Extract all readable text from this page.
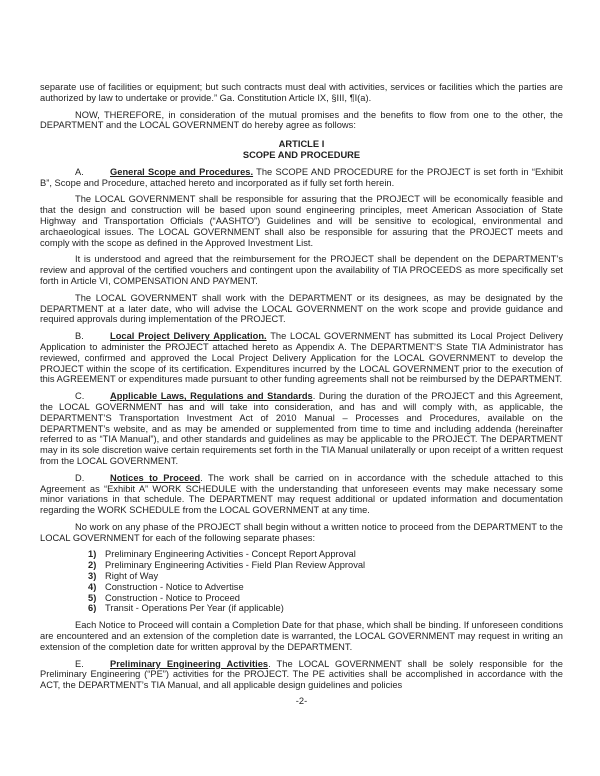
separate use of facilities or equipment; but such contracts must deal with activities, services or facilities which the parties are authorized by law to undertake or provide.” Ga. Constitution Article IX, §III, ¶I(a).

NOW, THEREFORE, in consideration of the mutual promises and the benefits to flow from one to the other, the DEPARTMENT and the LOCAL GOVERNMENT do hereby agree as follows:

ARTICLE I
SCOPE AND PROCEDURE

A.	General Scope and Procedures. The SCOPE AND PROCEDURE for the PROJECT is set forth in “Exhibit B”, Scope and Procedure, attached hereto and incorporated as if fully set forth herein.

The LOCAL GOVERNMENT shall be responsible for assuring that the PROJECT will be economically feasible and that the design and construction will be based upon sound engineering principles, meet American Association of State Highway and Transportation Officials (“AASHTO”) Guidelines and will be sensitive to ecological, environmental and archaeological issues. The LOCAL GOVERNMENT shall also be responsible for assuring that the PROJECT meets and comply with the scope as defined in the Approved Investment List.

It is understood and agreed that the reimbursement for the PROJECT shall be dependent on the DEPARTMENT’s review and approval of the certified vouchers and contingent upon the availability of TIA PROCEEDS as more specifically set forth in Article VI, COMPENSATION AND PAYMENT.

The LOCAL GOVERNMENT shall work with the DEPARTMENT or its designees, as may be designated by the DEPARTMENT at a later date, who will advise the LOCAL GOVERNMENT on the work scope and provide guidance and required approvals during implementation of the PROJECT.

B.	Local Project Delivery Application. The LOCAL GOVERNMENT has submitted its Local Project Delivery Application to administer the PROJECT attached hereto as Appendix A. The DEPARTMENT’S State TIA Administrator has reviewed, confirmed and approved the Local Project Delivery Application for the LOCAL GOVERNMENT to develop the PROJECT within the scope of its certification. Expenditures incurred by the LOCAL GOVERNMENT prior to the execution of this AGREEMENT or expenditures made pursuant to other funding agreements shall not be reimbursed by the DEPARTMENT.

C.	Applicable Laws, Regulations and Standards. During the duration of the PROJECT and this Agreement, the LOCAL GOVERNMENT has and will take into consideration, and has and will comply with, as applicable, the DEPARTMENT’S Transportation Investment Act of 2010 Manual – Processes and Procedures, available on the DEPARTMENT’s website, and as may be amended or supplemented from time to time and including addenda (hereinafter referred to as “TIA Manual”), and other standards and guidelines as may be applicable to the PROJECT. The DEPARTMENT may in its sole discretion waive certain requirements set forth in the TIA Manual unilaterally or upon receipt of a written request from the LOCAL GOVERNMENT.

D.	Notices to Proceed. The work shall be carried on in accordance with the schedule attached to this Agreement as “Exhibit A” WORK SCHEDULE with the understanding that unforeseen events may make necessary some minor variations in that schedule. The DEPARTMENT may request additional or updated information and documentation regarding the WORK SCHEDULE from the LOCAL GOVERNMENT at any time.

No work on any phase of the PROJECT shall begin without a written notice to proceed from the DEPARTMENT to the LOCAL GOVERNMENT for each of the following separate phases:

1) Preliminary Engineering Activities - Concept Report Approval
2) Preliminary Engineering Activities - Field Plan Review Approval
3) Right of Way
4) Construction - Notice to Advertise
5) Construction - Notice to Proceed
6) Transit - Operations Per Year (if applicable)

Each Notice to Proceed will contain a Completion Date for that phase, which shall be binding. If unforeseen conditions are encountered and an extension of the completion date is warranted, the LOCAL GOVERNMENT may request in writing an extension of the completion date for written approval by the DEPARTMENT.

E.	Preliminary Engineering Activities. The LOCAL GOVERNMENT shall be solely responsible for the Preliminary Engineering (“PE”) activities for the PROJECT. The PE activities shall be accomplished in accordance with the ACT, the DEPARTMENT’s TIA Manual, and all applicable design guidelines and policies

-2-
